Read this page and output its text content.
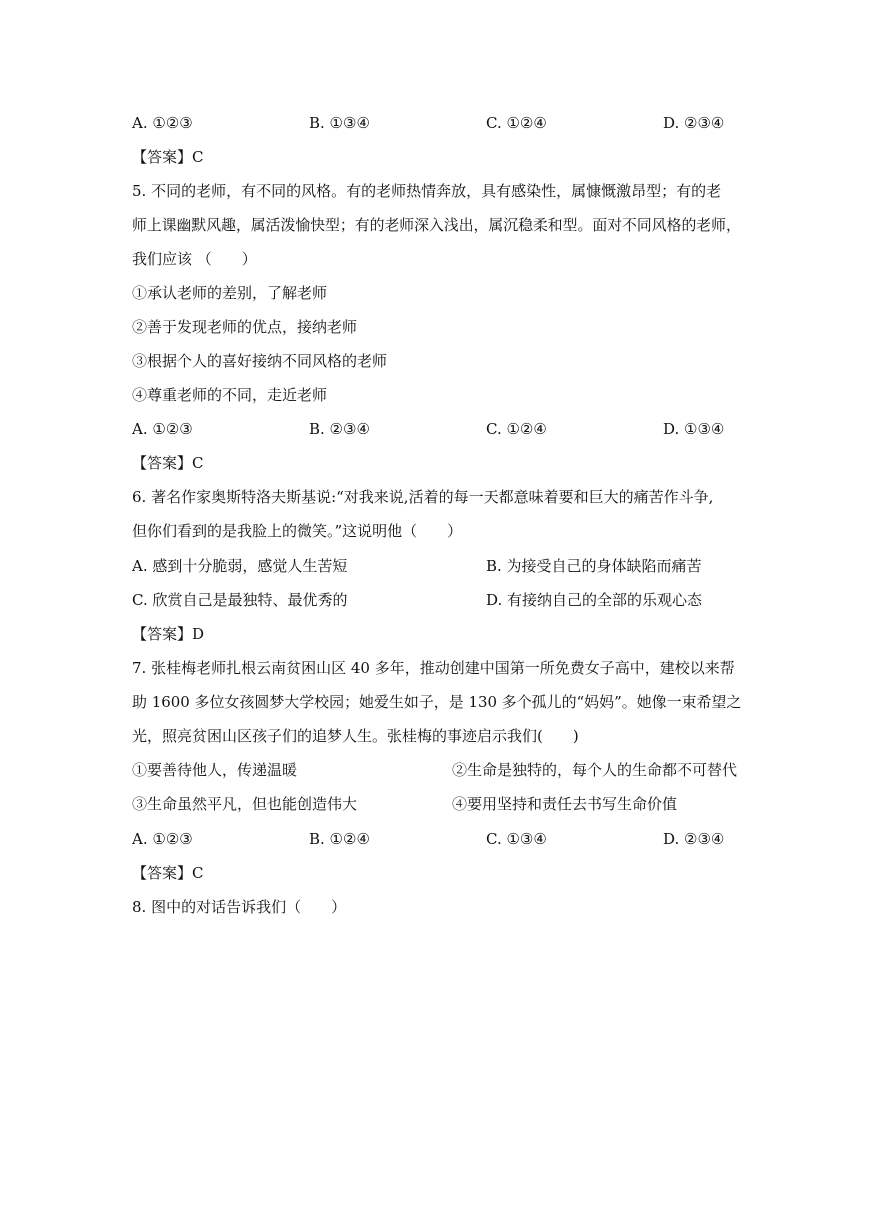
A. ①②③	B. ①③④	C. ①②④	D. ②③④
【答案】C
5. 不同的老师，有不同的风格。有的老师热情奔放，具有感染性，属慷慨激昂型；有的老
师上课幽默风趣，属活泼愉快型；有的老师深入浅出，属沉稳柔和型。面对不同风格的老师，
我们应该 （　　）
①承认老师的差别，了解老师
②善于发现老师的优点，接纳老师
③根据个人的喜好接纳不同风格的老师
④尊重老师的不同，走近老师
A. ①②③	B. ②③④	C. ①②④	D. ①③④
【答案】C
6. 著名作家奥斯特洛夫斯基说:“对我来说,活着的每一天都意味着要和巨大的痛苦作斗争,
但你们看到的是我脸上的微笑。”这说明他（　　）
A. 感到十分脆弱，感觉人生苦短	B. 为接受自己的身体缺陷而痛苦
C. 欣赏自己是最独特、最优秀的	D. 有接纳自己的全部的乐观心态
【答案】D
7. 张桂梅老师扎根云南贫困山区 40 多年，推动创建中国第一所免费女子高中，建校以来帮
助 1600 多位女孩圆梦大学校园；她爱生如子，是 130 多个孤儿的“妈妈”。她像一束希望之
光，照亮贫困山区孩子们的追梦人生。张桂梅的事迹启示我们(　　)
①要善待他人，传递温暖	②生命是独特的，每个人的生命都不可替代
③生命虽然平凡，但也能创造伟大	④要用坚持和责任去书写生命价值
A. ①②③	B. ①②④	C. ①③④	D. ②③④
【答案】C
8. 图中的对话告诉我们（　　）
